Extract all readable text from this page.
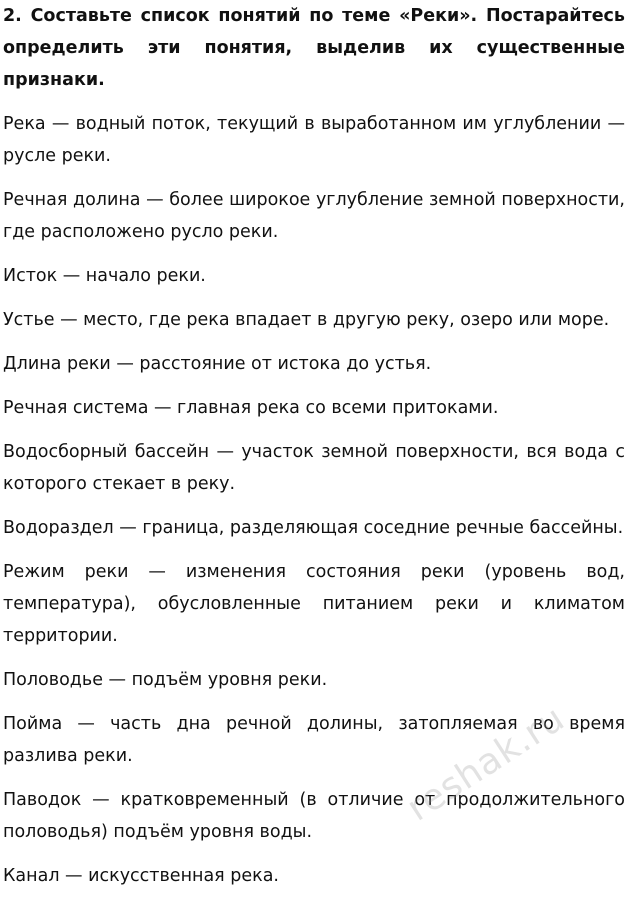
2. Составьте список понятий по теме «Реки». Постарайтесь определить эти понятия, выделив их существенные признаки.

Река — водный поток, текущий в выработанном им углублении — русле реки.

Речная долина — более широкое углубление земной поверхности, где расположено русло реки.

Исток — начало реки.

Устье — место, где река впадает в другую реку, озеро или море.

Длина реки — расстояние от истока до устья.

Речная система — главная река со всеми притоками.

Водосборный бассейн — участок земной поверхности, вся вода с которого стекает в реку.

Водораздел — граница, разделяющая соседние речные бассейны.

Режим реки — изменения состояния реки (уровень вод, температура), обусловленные питанием реки и климатом территории.

Половодье — подъём уровня реки.

Пойма — часть дна речной долины, затопляемая во время разлива реки.

Паводок — кратковременный (в отличие от продолжительного половодья) подъём уровня воды.

Канал — искусственная река.

reshak.ru
